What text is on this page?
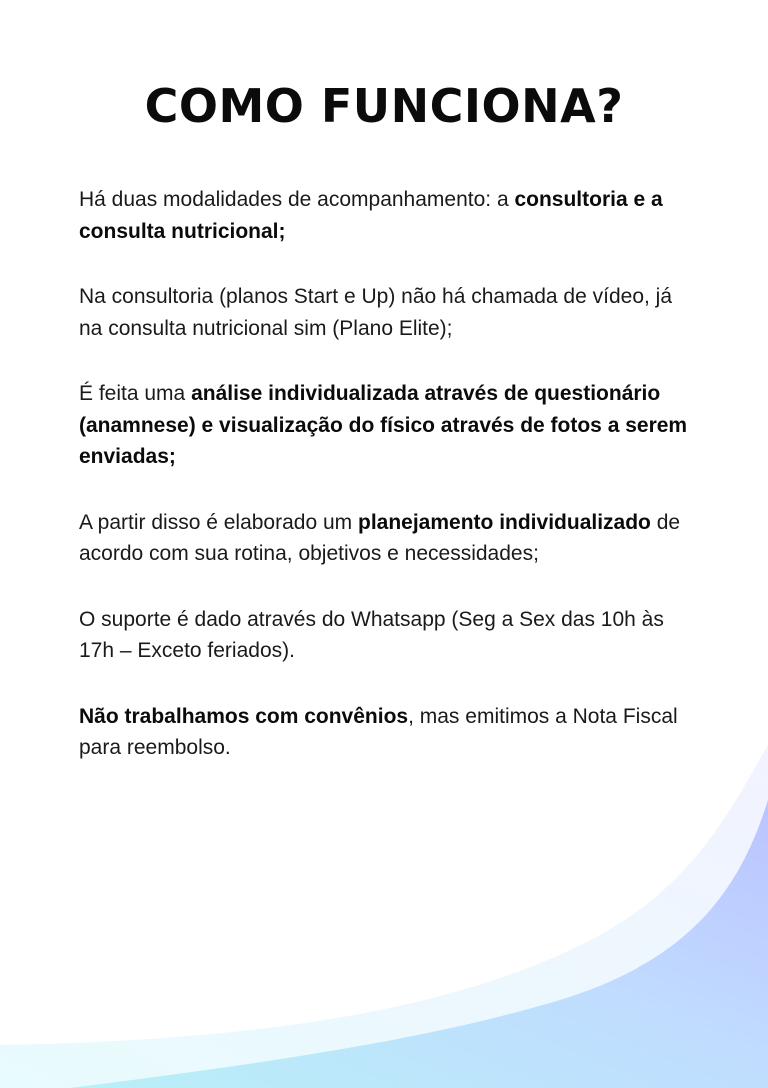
COMO FUNCIONA?

Há duas modalidades de acompanhamento: a consultoria e a consulta nutricional;

Na consultoria (planos Start e Up) não há chamada de vídeo, já na consulta nutricional sim (Plano Elite);

É feita uma análise individualizada através de questionário (anamnese) e visualização do físico através de fotos a serem enviadas;

A partir disso é elaborado um planejamento individualizado de acordo com sua rotina, objetivos e necessidades;

O suporte é dado através do Whatsapp (Seg a Sex das 10h às 17h – Exceto feriados).

Não trabalhamos com convênios, mas emitimos a Nota Fiscal para reembolso.
